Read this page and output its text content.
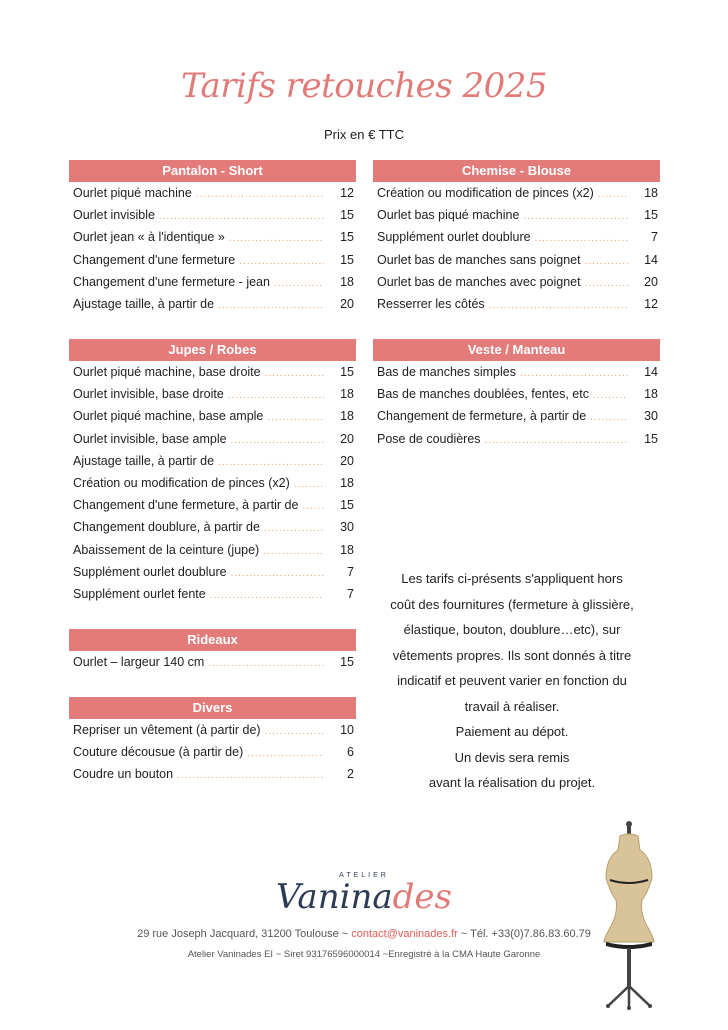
Tarifs retouches 2025
Prix en € TTC
Pantalon - Short
Ourlet piqué machine .....	12
Ourlet invisible .....	15
Ourlet jean « à l'identique » .....	15
Changement d'une fermeture .....	15
Changement d'une fermeture - jean .....	18
Ajustage taille, à partir de .....	20
Chemise - Blouse
Création ou modification de pinces (x2) .....	18
Ourlet bas piqué machine .....	15
Supplément ourlet doublure .....	7
Ourlet bas de manches sans poignet .....	14
Ourlet bas de manches avec poignet .....	20
Resserrer les côtés .....	12
Jupes / Robes
Ourlet piqué machine, base droite .....	15
Ourlet invisible, base droite .....	18
Ourlet piqué machine, base ample .....	18
Ourlet invisible, base ample .....	20
Ajustage taille, à partir de .....	20
Création ou modification de pinces (x2) .....	18
Changement d'une fermeture, à partir de .....	15
Changement doublure, à partir de .....	30
Abaissement de la ceinture (jupe) .....	18
Supplément ourlet doublure .....	7
Supplément ourlet fente .....	7
Veste / Manteau
Bas de manches simples .....	14
Bas de manches doublées, fentes, etc .....	18
Changement de fermeture, à partir de .....	30
Pose de coudières .....	15
Rideaux
Ourlet – largeur 140 cm .....	15
Divers
Repriser un vêtement (à partir de) .....	10
Couture décousue (à partir de) .....	6
Coudre un bouton .....	2
Les tarifs ci-présents s'appliquent hors
coût des fournitures (fermeture à glissière,
élastique, bouton, doublure…etc), sur
vêtements propres. Ils sont donnés à titre
indicatif et peuvent varier en fonction du
travail à réaliser.
Paiement au dépot.
Un devis sera remis
avant la réalisation du projet.
ATELIER
Vaninades
29 rue Joseph Jacquard, 31200 Toulouse ~ contact@vaninades.fr ~ Tél. +33(0)7.86.83.60.79
Atelier Vaninades EI ~ Siret 93176596000014 ~Enregistré à la CMA Haute Garonne
